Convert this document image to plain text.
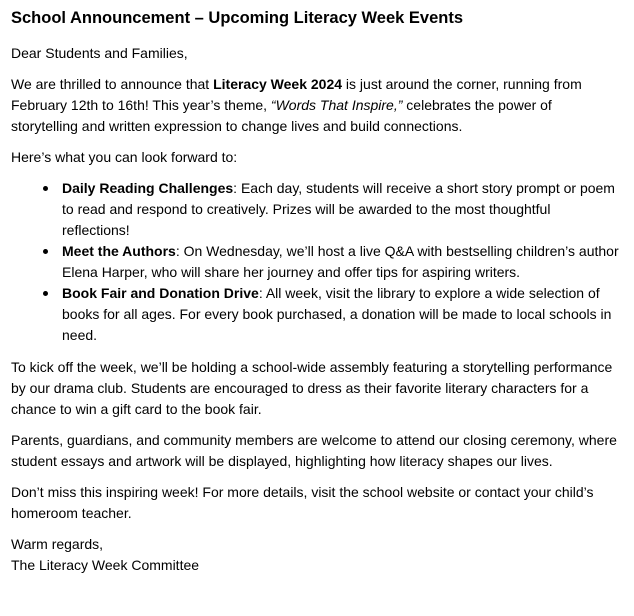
School Announcement – Upcoming Literacy Week Events

Dear Students and Families,

We are thrilled to announce that Literacy Week 2024 is just around the corner, running from February 12th to 16th! This year’s theme, “Words That Inspire,” celebrates the power of storytelling and written expression to change lives and build connections.

Here’s what you can look forward to:

Daily Reading Challenges: Each day, students will receive a short story prompt or poem to read and respond to creatively. Prizes will be awarded to the most thoughtful reflections!
Meet the Authors: On Wednesday, we’ll host a live Q&A with bestselling children’s author Elena Harper, who will share her journey and offer tips for aspiring writers.
Book Fair and Donation Drive: All week, visit the library to explore a wide selection of books for all ages. For every book purchased, a donation will be made to local schools in need.

To kick off the week, we’ll be holding a school-wide assembly featuring a storytelling performance by our drama club. Students are encouraged to dress as their favorite literary characters for a chance to win a gift card to the book fair.

Parents, guardians, and community members are welcome to attend our closing ceremony, where student essays and artwork will be displayed, highlighting how literacy shapes our lives.

Don’t miss this inspiring week! For more details, visit the school website or contact your child’s homeroom teacher.

Warm regards,

The Literacy Week Committee
